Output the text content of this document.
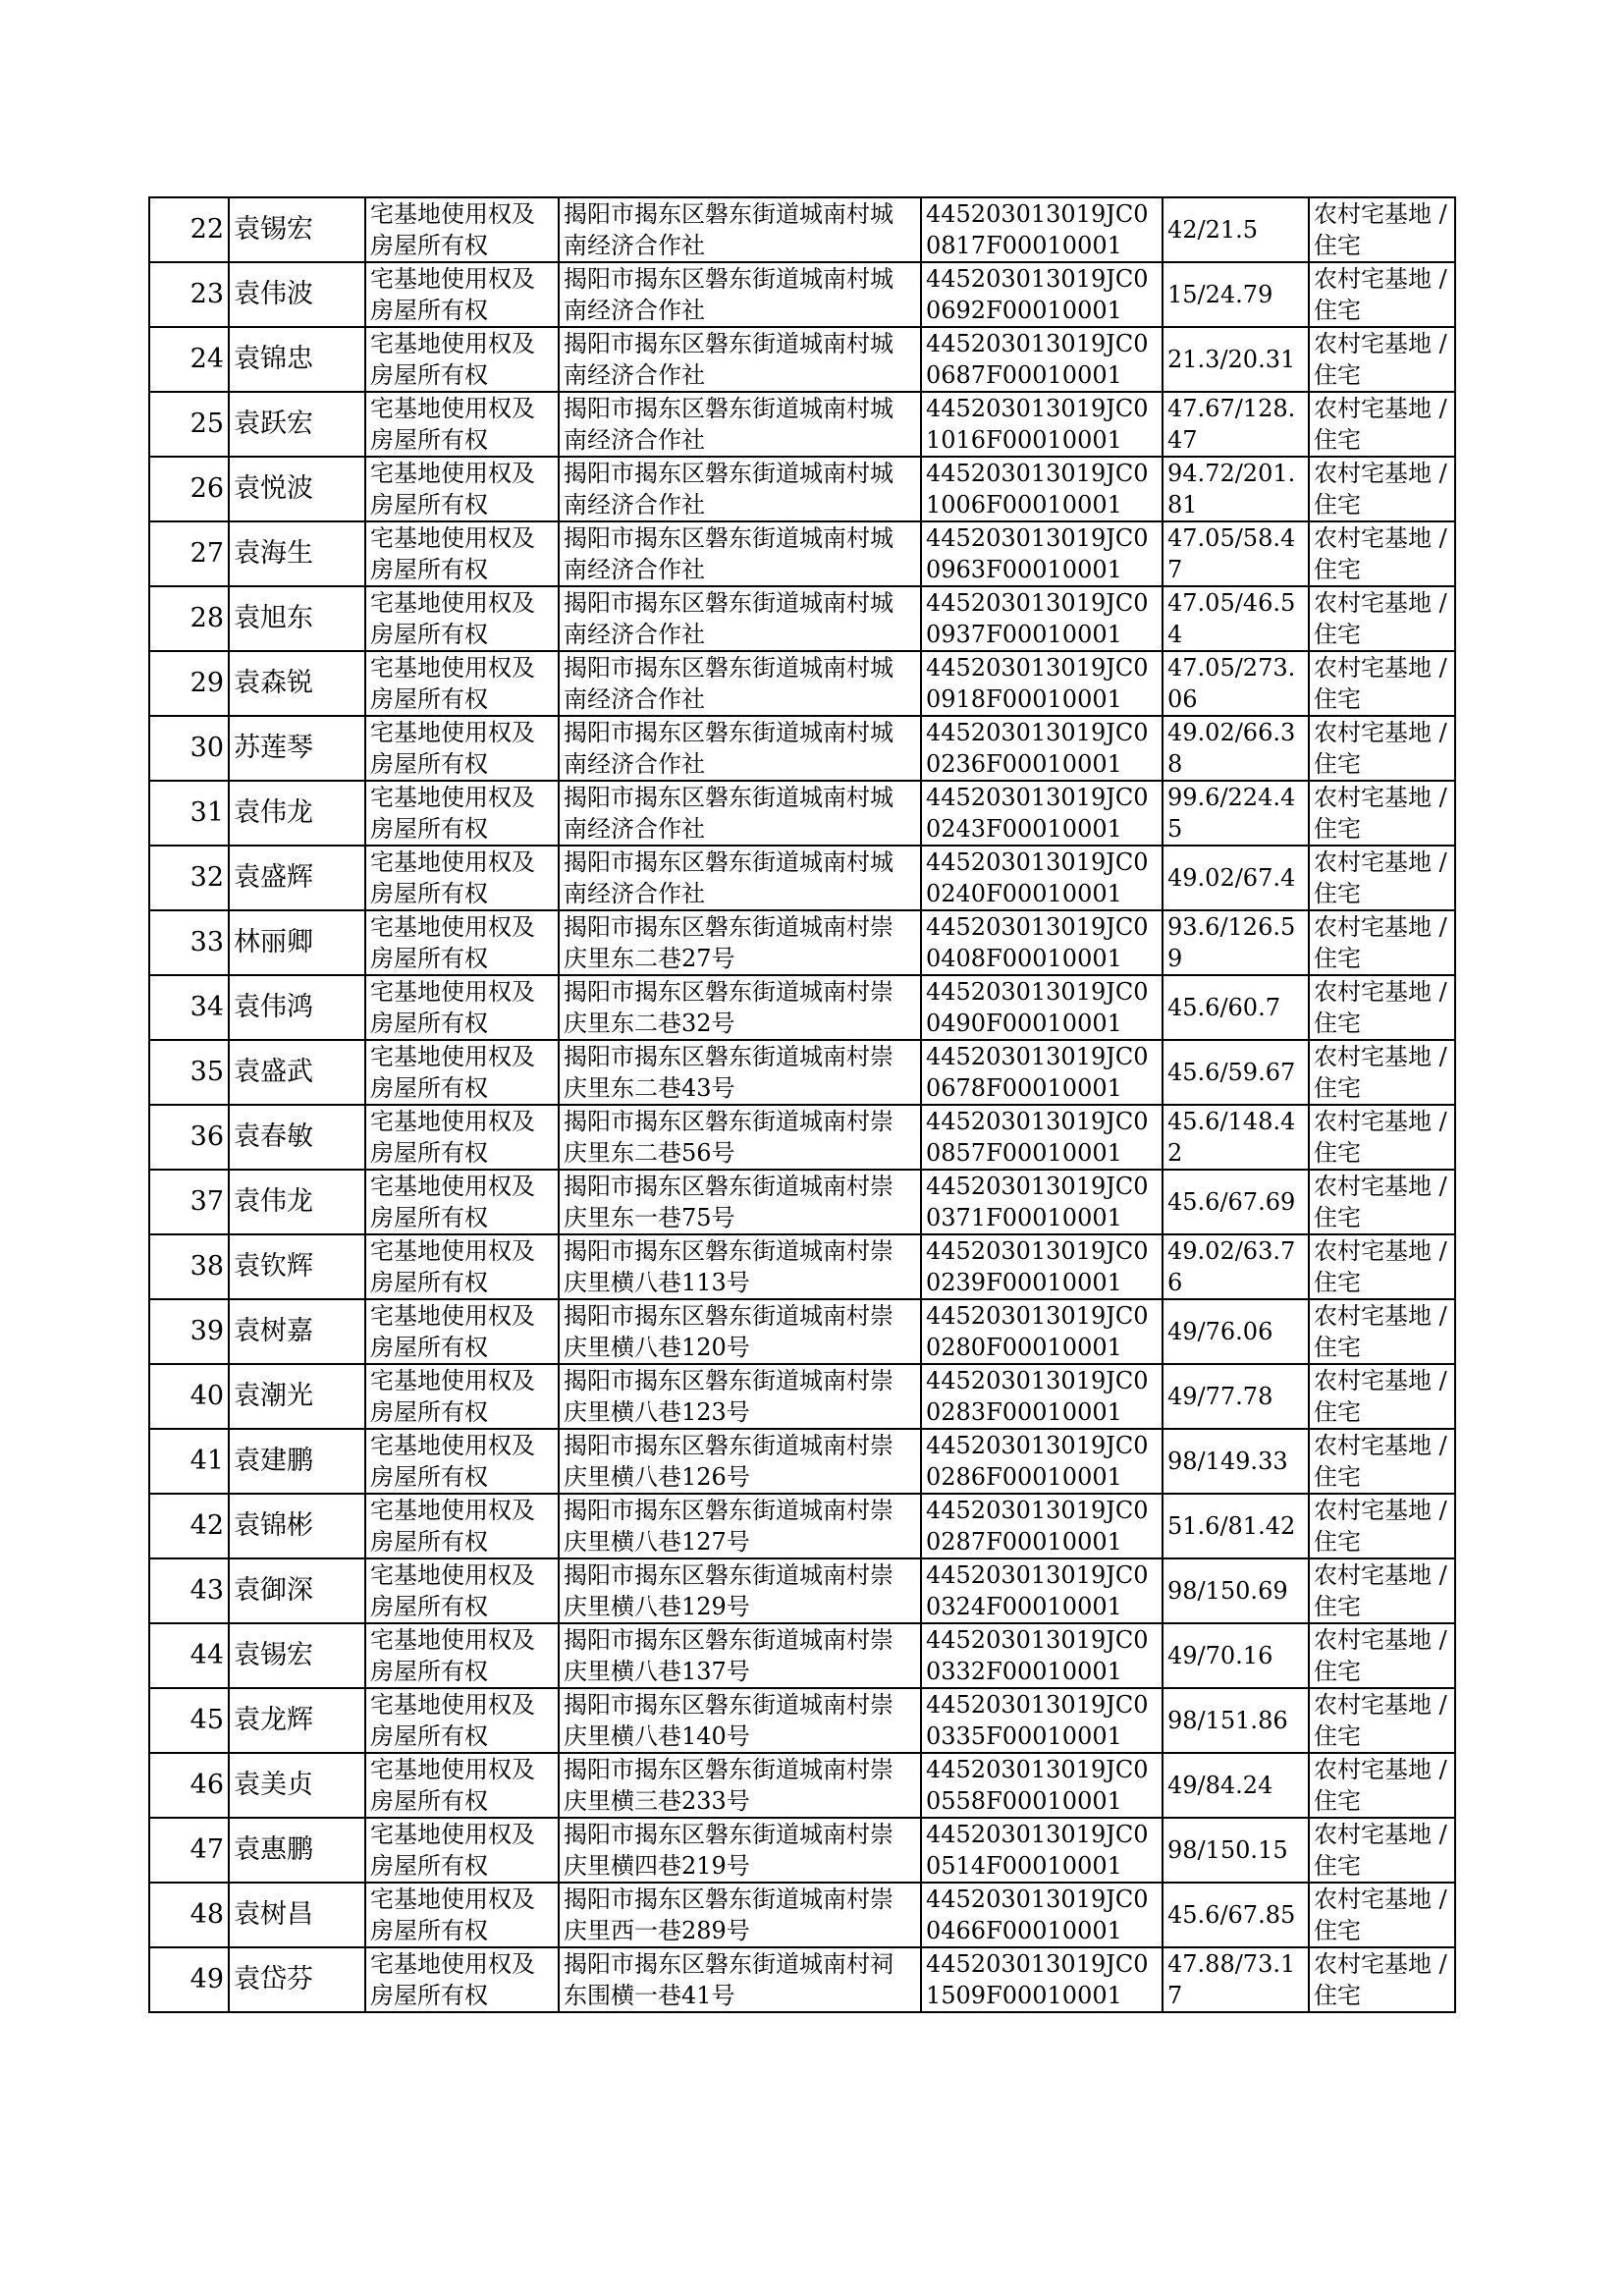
22	袁锡宏	宅基地使用权及房屋所有权	揭阳市揭东区磐东街道城南村城南经济合作社	445203013019JC00817F00010001	42/21.5	农村宅基地 / 住宅
23	袁伟波	宅基地使用权及房屋所有权	揭阳市揭东区磐东街道城南村城南经济合作社	445203013019JC00692F00010001	15/24.79	农村宅基地 / 住宅
24	袁锦忠	宅基地使用权及房屋所有权	揭阳市揭东区磐东街道城南村城南经济合作社	445203013019JC00687F00010001	21.3/20.31	农村宅基地 / 住宅
25	袁跃宏	宅基地使用权及房屋所有权	揭阳市揭东区磐东街道城南村城南经济合作社	445203013019JC01016F00010001	47.67/128.47	农村宅基地 / 住宅
26	袁悦波	宅基地使用权及房屋所有权	揭阳市揭东区磐东街道城南村城南经济合作社	445203013019JC01006F00010001	94.72/201.81	农村宅基地 / 住宅
27	袁海生	宅基地使用权及房屋所有权	揭阳市揭东区磐东街道城南村城南经济合作社	445203013019JC00963F00010001	47.05/58.47	农村宅基地 / 住宅
28	袁旭东	宅基地使用权及房屋所有权	揭阳市揭东区磐东街道城南村城南经济合作社	445203013019JC00937F00010001	47.05/46.54	农村宅基地 / 住宅
29	袁森锐	宅基地使用权及房屋所有权	揭阳市揭东区磐东街道城南村城南经济合作社	445203013019JC00918F00010001	47.05/273.06	农村宅基地 / 住宅
30	苏莲琴	宅基地使用权及房屋所有权	揭阳市揭东区磐东街道城南村城南经济合作社	445203013019JC00236F00010001	49.02/66.38	农村宅基地 / 住宅
31	袁伟龙	宅基地使用权及房屋所有权	揭阳市揭东区磐东街道城南村城南经济合作社	445203013019JC00243F00010001	99.6/224.45	农村宅基地 / 住宅
32	袁盛辉	宅基地使用权及房屋所有权	揭阳市揭东区磐东街道城南村城南经济合作社	445203013019JC00240F00010001	49.02/67.4	农村宅基地 / 住宅
33	林丽卿	宅基地使用权及房屋所有权	揭阳市揭东区磐东街道城南村崇庆里东二巷27号	445203013019JC00408F00010001	93.6/126.59	农村宅基地 / 住宅
34	袁伟鸿	宅基地使用权及房屋所有权	揭阳市揭东区磐东街道城南村崇庆里东二巷32号	445203013019JC00490F00010001	45.6/60.7	农村宅基地 / 住宅
35	袁盛武	宅基地使用权及房屋所有权	揭阳市揭东区磐东街道城南村崇庆里东二巷43号	445203013019JC00678F00010001	45.6/59.67	农村宅基地 / 住宅
36	袁春敏	宅基地使用权及房屋所有权	揭阳市揭东区磐东街道城南村崇庆里东二巷56号	445203013019JC00857F00010001	45.6/148.42	农村宅基地 / 住宅
37	袁伟龙	宅基地使用权及房屋所有权	揭阳市揭东区磐东街道城南村崇庆里东一巷75号	445203013019JC00371F00010001	45.6/67.69	农村宅基地 / 住宅
38	袁钦辉	宅基地使用权及房屋所有权	揭阳市揭东区磐东街道城南村崇庆里横八巷113号	445203013019JC00239F00010001	49.02/63.76	农村宅基地 / 住宅
39	袁树嘉	宅基地使用权及房屋所有权	揭阳市揭东区磐东街道城南村崇庆里横八巷120号	445203013019JC00280F00010001	49/76.06	农村宅基地 / 住宅
40	袁潮光	宅基地使用权及房屋所有权	揭阳市揭东区磐东街道城南村崇庆里横八巷123号	445203013019JC00283F00010001	49/77.78	农村宅基地 / 住宅
41	袁建鹏	宅基地使用权及房屋所有权	揭阳市揭东区磐东街道城南村崇庆里横八巷126号	445203013019JC00286F00010001	98/149.33	农村宅基地 / 住宅
42	袁锦彬	宅基地使用权及房屋所有权	揭阳市揭东区磐东街道城南村崇庆里横八巷127号	445203013019JC00287F00010001	51.6/81.42	农村宅基地 / 住宅
43	袁御深	宅基地使用权及房屋所有权	揭阳市揭东区磐东街道城南村崇庆里横八巷129号	445203013019JC00324F00010001	98/150.69	农村宅基地 / 住宅
44	袁锡宏	宅基地使用权及房屋所有权	揭阳市揭东区磐东街道城南村崇庆里横八巷137号	445203013019JC00332F00010001	49/70.16	农村宅基地 / 住宅
45	袁龙辉	宅基地使用权及房屋所有权	揭阳市揭东区磐东街道城南村崇庆里横八巷140号	445203013019JC00335F00010001	98/151.86	农村宅基地 / 住宅
46	袁美贞	宅基地使用权及房屋所有权	揭阳市揭东区磐东街道城南村崇庆里横三巷233号	445203013019JC00558F00010001	49/84.24	农村宅基地 / 住宅
47	袁惠鹏	宅基地使用权及房屋所有权	揭阳市揭东区磐东街道城南村崇庆里横四巷219号	445203013019JC00514F00010001	98/150.15	农村宅基地 / 住宅
48	袁树昌	宅基地使用权及房屋所有权	揭阳市揭东区磐东街道城南村崇庆里西一巷289号	445203013019JC00466F00010001	45.6/67.85	农村宅基地 / 住宅
49	袁岱芬	宅基地使用权及房屋所有权	揭阳市揭东区磐东街道城南村祠东围横一巷41号	445203013019JC01509F00010001	47.88/73.17	农村宅基地 / 住宅
